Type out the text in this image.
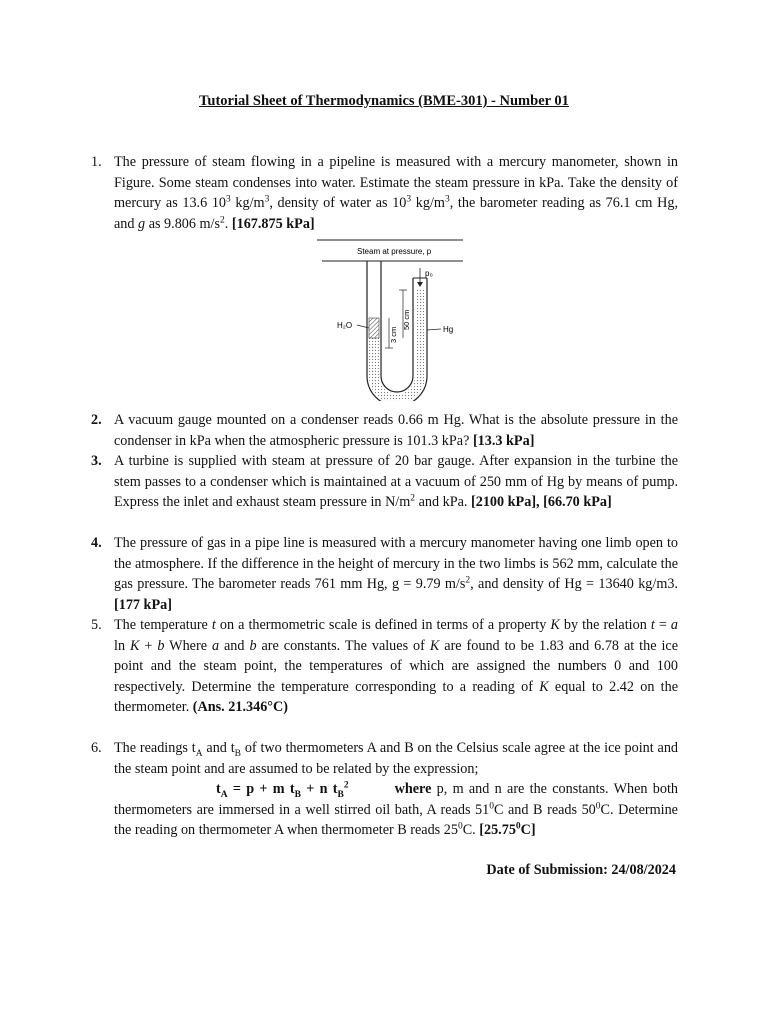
Tutorial Sheet of Thermodynamics (BME-301) - Number 01
1. The pressure of steam flowing in a pipeline is measured with a mercury manometer, shown in Figure. Some steam condenses into water. Estimate the steam pressure in kPa. Take the density of mercury as 13.6 $10^3$ $kg/m^3$, density of water as $10^3$ $kg/m^3$, the barometer reading as 76.1 cm Hg, and g as 9.806 $m/s^2$. [167.875 kPa]
Steam at pressure, p
p₀
50 cm
3 cm
H₂O	Hg
2. A vacuum gauge mounted on a condenser reads 0.66 m Hg. What is the absolute pressure in the condenser in kPa when the atmospheric pressure is 101.3 kPa? [13.3 kPa]
3. A turbine is supplied with steam at pressure of 20 bar gauge. After expansion in the turbine the stem passes to a condenser which is maintained at a vacuum of 250 mm of Hg by means of pump. Express the inlet and exhaust steam pressure in $N/m^2$ and kPa. [2100 kPa], [66.70 kPa]
4. The pressure of gas in a pipe line is measured with a mercury manometer having one limb open to the atmosphere. If the difference in the height of mercury in the two limbs is 562 mm, calculate the gas pressure. The barometer reads 761 mm Hg, g = 9.79 $m/s^2$, and density of Hg = 13640 kg/m3. [177 kPa]
5. The temperature t on a thermometric scale is defined in terms of a property K by the relation t = a ln K + b Where a and b are constants. The values of K are found to be 1.83 and 6.78 at the ice point and the steam point, the temperatures of which are assigned the numbers 0 and 100 respectively. Determine the temperature corresponding to a reading of K equal to 2.42 on the thermometer. (Ans. 21.346°C)
6. The readings $t_A$ and $t_B$ of two thermometers A and B on the Celsius scale agree at the ice point and the steam point and are assumed to be related by the expression;
$t_A = p + m$ $t_B + n$ $t_B^2$	where p, m and n are the constants. When both thermometers are immersed in a well stirred oil bath, A reads $51^0C$ and B reads $50^0C$. Determine the reading on thermometer A when thermometer B reads $25^0C$. [25.75$^0$C]
Date of Submission: 24/08/2024
